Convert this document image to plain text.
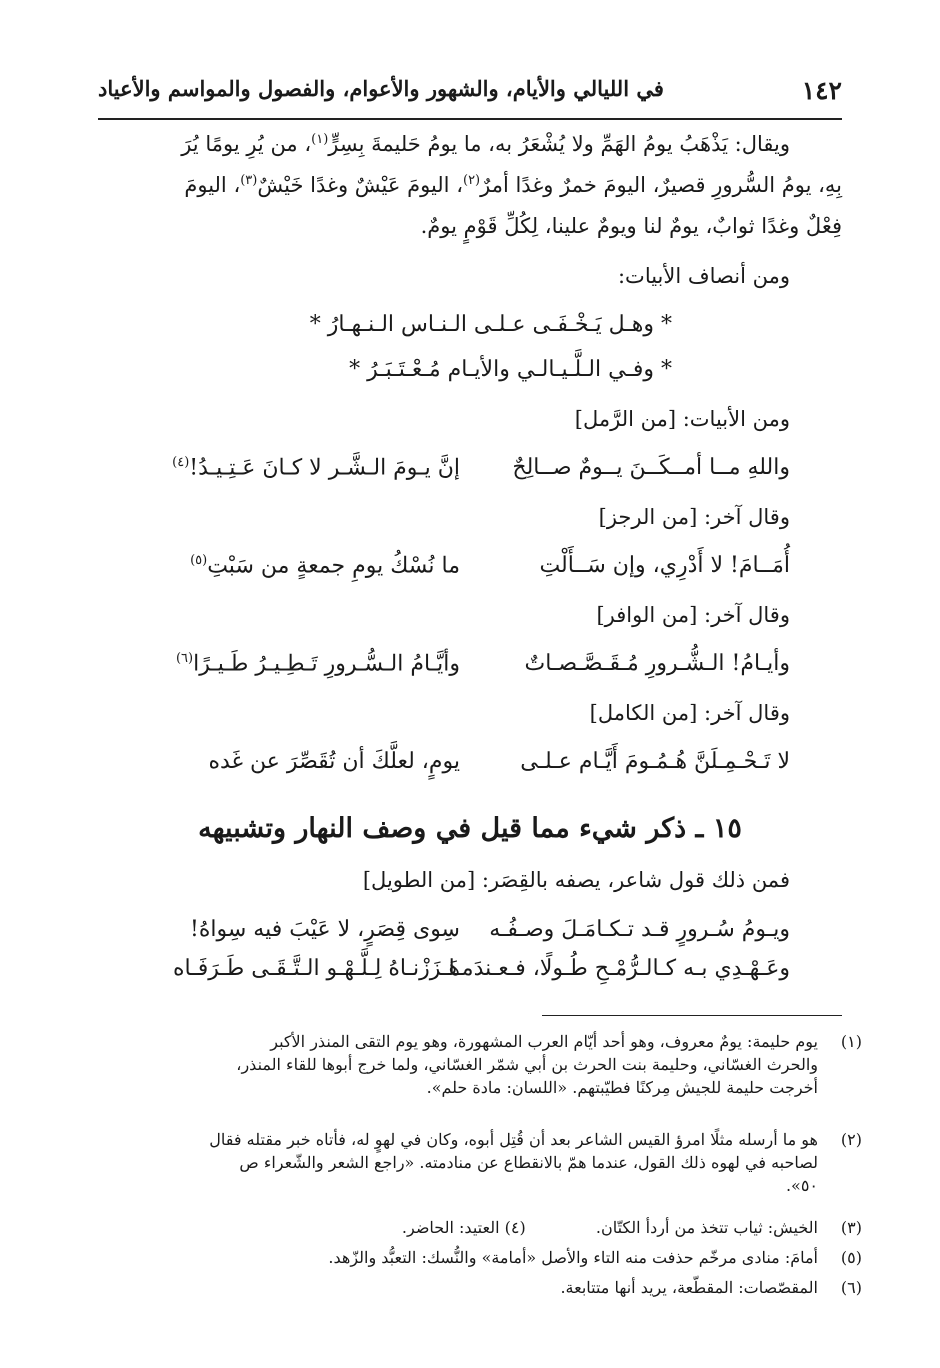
١٤٢
في الليالي والأيام، والشهور والأعوام، والفصول والمواسم والأعياد
ويقال: يَذْهَبُ يومُ الهَمِّ ولا يُشْعَرُ به، ما يومُ حَليمةَ بِسِرٍّ$^{(١)}$، من يُرِ يومًا يُرَ
بِهِ، يومُ السُّرورِ قصيرٌ، اليومَ خمرٌ وغدًا أمرٌ$^{(٢)}$، اليومَ عَيْشٌ وغدًا خَيْشٌ$^{(٣)}$، اليومَ
فِعْلٌ وغدًا ثوابٌ، يومٌ لنا ويومٌ علينا، لِكُلِّ قَوْمٍ يومٌ.
ومن أنصاف الأبيات:
* وهـل يَـخْـفَـى عـلـى الـنـاس الـنـهـارُ *
* وفـي الـلَّـيـالـي والأيـام مُـعْـتَـبَـرُ *
ومن الأبيات: [من الرَّمل]
واللهِ مــا أمــكَــنَ يــومٌ صــالِحٌ
إنَّ يـومَ الـشَّـر لا كـانَ عَـتِـيـدُ!$^{(٤)}$
وقال آخر: [من الرجز]
أُمَــامَ! لا أَدْرِي، وإن سَــأَلْتِ
ما نُسْكُ يومِ جمعةٍ من سَبْتِ$^{(٥)}$
وقال آخر: [من الوافر]
وأيـامُ! الـشُّـرورِ مُـقَـصَّـصـاتٌ
وأيَّـامُ الـسُّـرورِ تَـطِـيـرُ طَـيـرًا$^{(٦)}$
وقال آخر: [من الكامل]
لا تَـحْـمِـلَنَّ هُـمُـومَ أَيَّـام عـلـى
يومٍ، لعلَّكَ أن تُقَصِّرَ عن غَده
١٥ ـ ذكر شيء مما قيل في وصف النهار وتشبيهه
فمن ذلك قول شاعر، يصفه بالقِصَر: [من الطويل]
ويـومُ سُـرورٍ قـد تـكـامَـلَ وصـفُـه
سِوى قِصَرٍ، لا عَيْبَ فيه سِواهُ!
وعَـهْـدِي بـه كـالـرُّمْـحِ طُـولًا، فـعـندَمـا
هَـزَزْنـاهُ لِـلَّـهْـو الـتَّـقَـى طَـرَفَـاه
(١)
يوم حليمة: يومٌ معروف، وهو أحد أيّام العرب المشهورة، وهو يوم التقى المنذر الأكبر
والحرث الغسّاني، وحليمة بنت الحرث بن أبي شمّر الغسّاني، ولما خرج أبوها للقاء المنذر،
أخرجت حليمة للجيش مِركنًا فطيّبتهم. «اللسان: مادة حلم».
(٢)
هو ما أرسله مثلًا امرؤ القيس الشاعر بعد أن قُتِل أبوه، وكان في لهوٍ له، فأتاه خبر مقتله فقال
لصاحبه في لهوه ذلك القول، عندما همّ بالانقطاع عن منادمته. «راجع الشعر والشّعراء ص
٥٠».
(٣)
الخيش: ثياب تتخذ من أردأ الكتّان.  (٤) العتيد: الحاضر.
(٥)
أمامَ: منادى مرخّم حذفت منه التاء والأصل «أمامة» والنُّسك: التعبُّد والزّهد.
(٦)
المقصّصات: المقطّعة، يريد أنها متتابعة.
